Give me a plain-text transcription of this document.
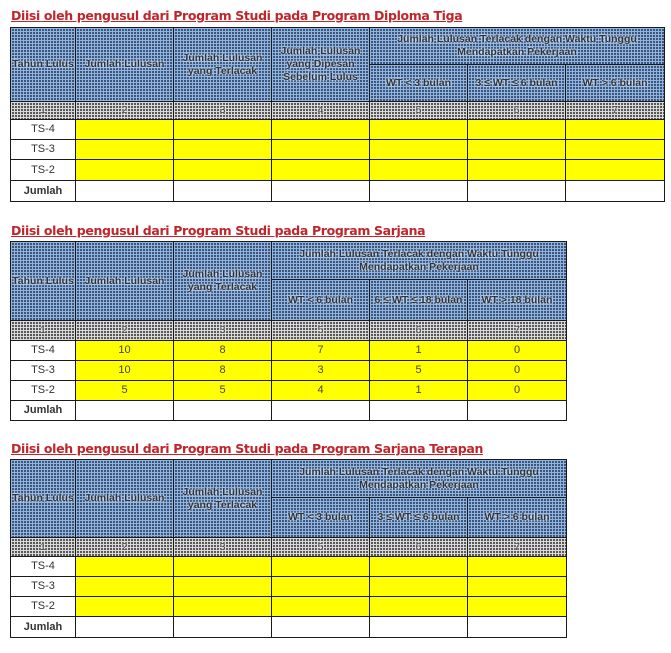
Diisi oleh pengusul dari Program Studi pada Program Diploma Tiga
Tahun Lulus	Jumlah Lulusan	Jumlah Lulusan yang Terlacak	Jumlah Lulusan yang Dipesan Sebelum Lulus	Jumlah Lulusan Terlacak dengan Waktu Tunggu Mendapatkan Pekerjaan		
				WT < 3 bulan	3 ≤ WT ≤ 6 bulan	WT > 6 bulan
1	2	3	4	5	6	7
TS-4						
TS-3						
TS-2						
Jumlah						
Diisi oleh pengusul dari Program Studi pada Program Sarjana
Tahun Lulus	Jumlah Lulusan	Jumlah Lulusan yang Terlacak	Jumlah Lulusan Terlacak dengan Waktu Tunggu Mendapatkan Pekerjaan		
			WT < 6 bulan	6 ≤ WT ≤ 18 bulan	WT > 18 bulan
1	2	3	5	6	7
TS-4	10	8	7	1	0
TS-3	10	8	3	5	0
TS-2	5	5	4	1	0
Jumlah					
Diisi oleh pengusul dari Program Studi pada Program Sarjana Terapan
Tahun Lulus	Jumlah Lulusan	Jumlah Lulusan yang Terlacak	Jumlah Lulusan Terlacak dengan Waktu Tunggu Mendapatkan Pekerjaan		
			WT < 3 bulan	3 ≤ WT ≤ 6 bulan	WT > 6 bulan
1	2	3	5	6	7
TS-4					
TS-3					
TS-2					
Jumlah					
